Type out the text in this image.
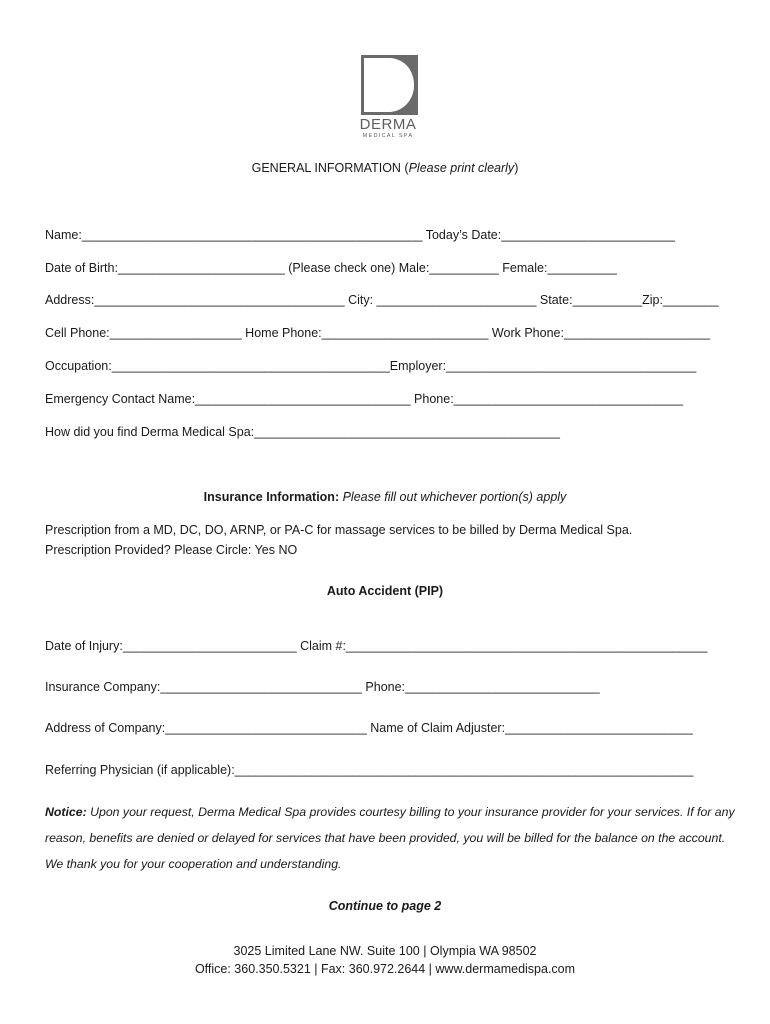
DERMA
MEDICAL SPA
GENERAL INFORMATION (Please print clearly)
Name:_________________________________________________ Today’s Date:_________________________
Date of Birth:________________________ (Please check one) Male:__________ Female:__________
Address:____________________________________ City: _______________________ State:__________Zip:________
Cell Phone:___________________ Home Phone:________________________ Work Phone:_____________________
Occupation:________________________________________Employer:____________________________________
Emergency Contact Name:_______________________________ Phone:_________________________________
How did you find Derma Medical Spa:____________________________________________
Insurance Information: Please fill out whichever portion(s) apply
Prescription from a MD, DC, DO, ARNP, or PA-C for massage services to be billed by Derma Medical Spa.
Prescription Provided? Please Circle: Yes NO
Auto Accident (PIP)
Date of Injury:_________________________ Claim #:____________________________________________________
Insurance Company:_____________________________ Phone:____________________________
Address of Company:_____________________________ Name of Claim Adjuster:___________________________
Referring Physician (if applicable):__________________________________________________________________
Notice: Upon your request, Derma Medical Spa provides courtesy billing to your insurance provider for your services. If for any reason, benefits are denied or delayed for services that have been provided, you will be billed for the balance on the account. We thank you for your cooperation and understanding.
Continue to page 2
3025 Limited Lane NW. Suite 100 | Olympia WA 98502
Office: 360.350.5321 | Fax: 360.972.2644 | www.dermamedispa.com
